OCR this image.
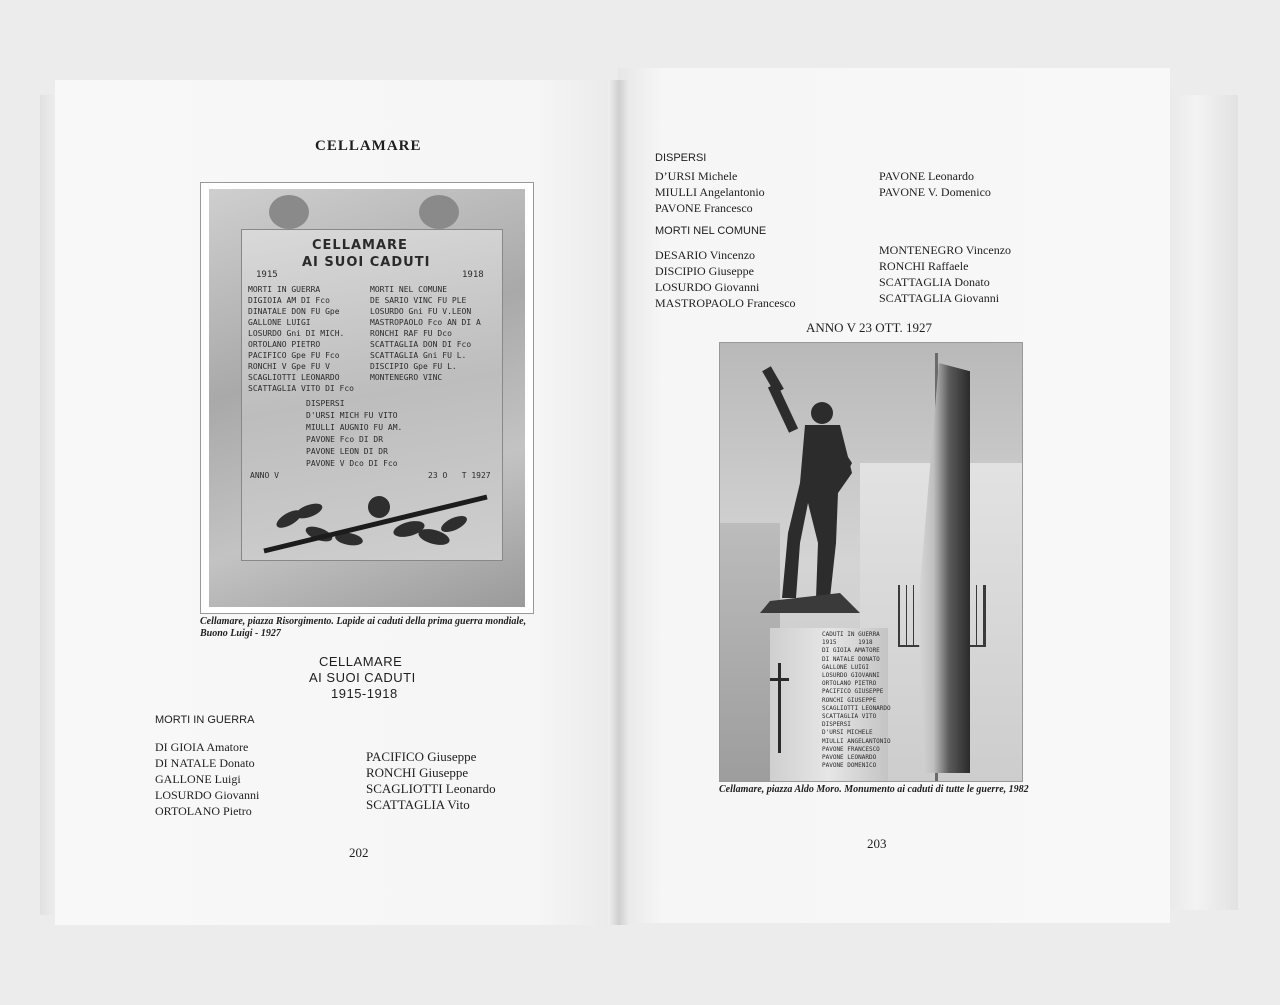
CELLAMARE
CELLAMARE
AI SUOI CADUTI
1915	1918
MORTI IN GUERRA
DIGIOIA AM DI Fco
DINATALE DON FU Gpe
GALLONE LUIGI
LOSURDO Gni DI MICH.
ORTOLANO PIETRO
PACIFICO Gpe FU Fco
RONCHI V Gpe FU V
SCAGLIOTTI LEONARDO
SCATTAGLIA VITO DI Fco
MORTI NEL COMUNE
DE SARIO VINC FU PLE
LOSURDO Gni FU V.LEON
MASTROPAOLO Fco AN DI A
RONCHI RAF FU Dco
SCATTAGLIA DON DI Fco
SCATTAGLIA Gni FU L.
DISCIPIO Gpe FU L.
MONTENEGRO VINC
DISPERSI
D'URSI MICH FU VITO
MIULLI AUGNIO FU AM.
PAVONE Fco DI DR
PAVONE LEON DI DR
PAVONE V Dco DI Fco
ANNO V	23 O   T 1927
Cellamare, piazza Risorgimento. Lapide ai caduti della prima guerra mondiale, Buono Luigi - 1927
CELLAMARE
AI SUOI CADUTI
1915-1918
MORTI IN GUERRA
DI GIOIA Amatore
DI NATALE Donato
GALLONE Luigi
LOSURDO Giovanni
ORTOLANO Pietro
PACIFICO Giuseppe
RONCHI Giuseppe
SCAGLIOTTI Leonardo
SCATTAGLIA Vito
202
DISPERSI
D’URSI Michele
MIULLI Angelantonio
PAVONE Francesco
PAVONE Leonardo
PAVONE V. Domenico
MORTI NEL COMUNE
DESARIO Vincenzo
DISCIPIO Giuseppe
LOSURDO Giovanni
MASTROPAOLO Francesco
MONTENEGRO Vincenzo
RONCHI Raffaele
SCATTAGLIA Donato
SCATTAGLIA Giovanni
ANNO V 23 OTT. 1927
CADUTI IN GUERRA
1915      1918
DI GIOIA AMATORE
DI NATALE DONATO
GALLONE LUIGI
LOSURDO GIOVANNI
ORTOLANO PIETRO
PACIFICO GIUSEPPE
RONCHI GIUSEPPE
SCAGLIOTTI LEONARDO
SCATTAGLIA VITO
DISPERSI
D'URSI MICHELE
MIULLI ANGELANTONIO
PAVONE FRANCESCO
PAVONE LEONARDO
PAVONE DOMENICO
Cellamare, piazza Aldo Moro. Monumento ai caduti di tutte le guerre, 1982
203
